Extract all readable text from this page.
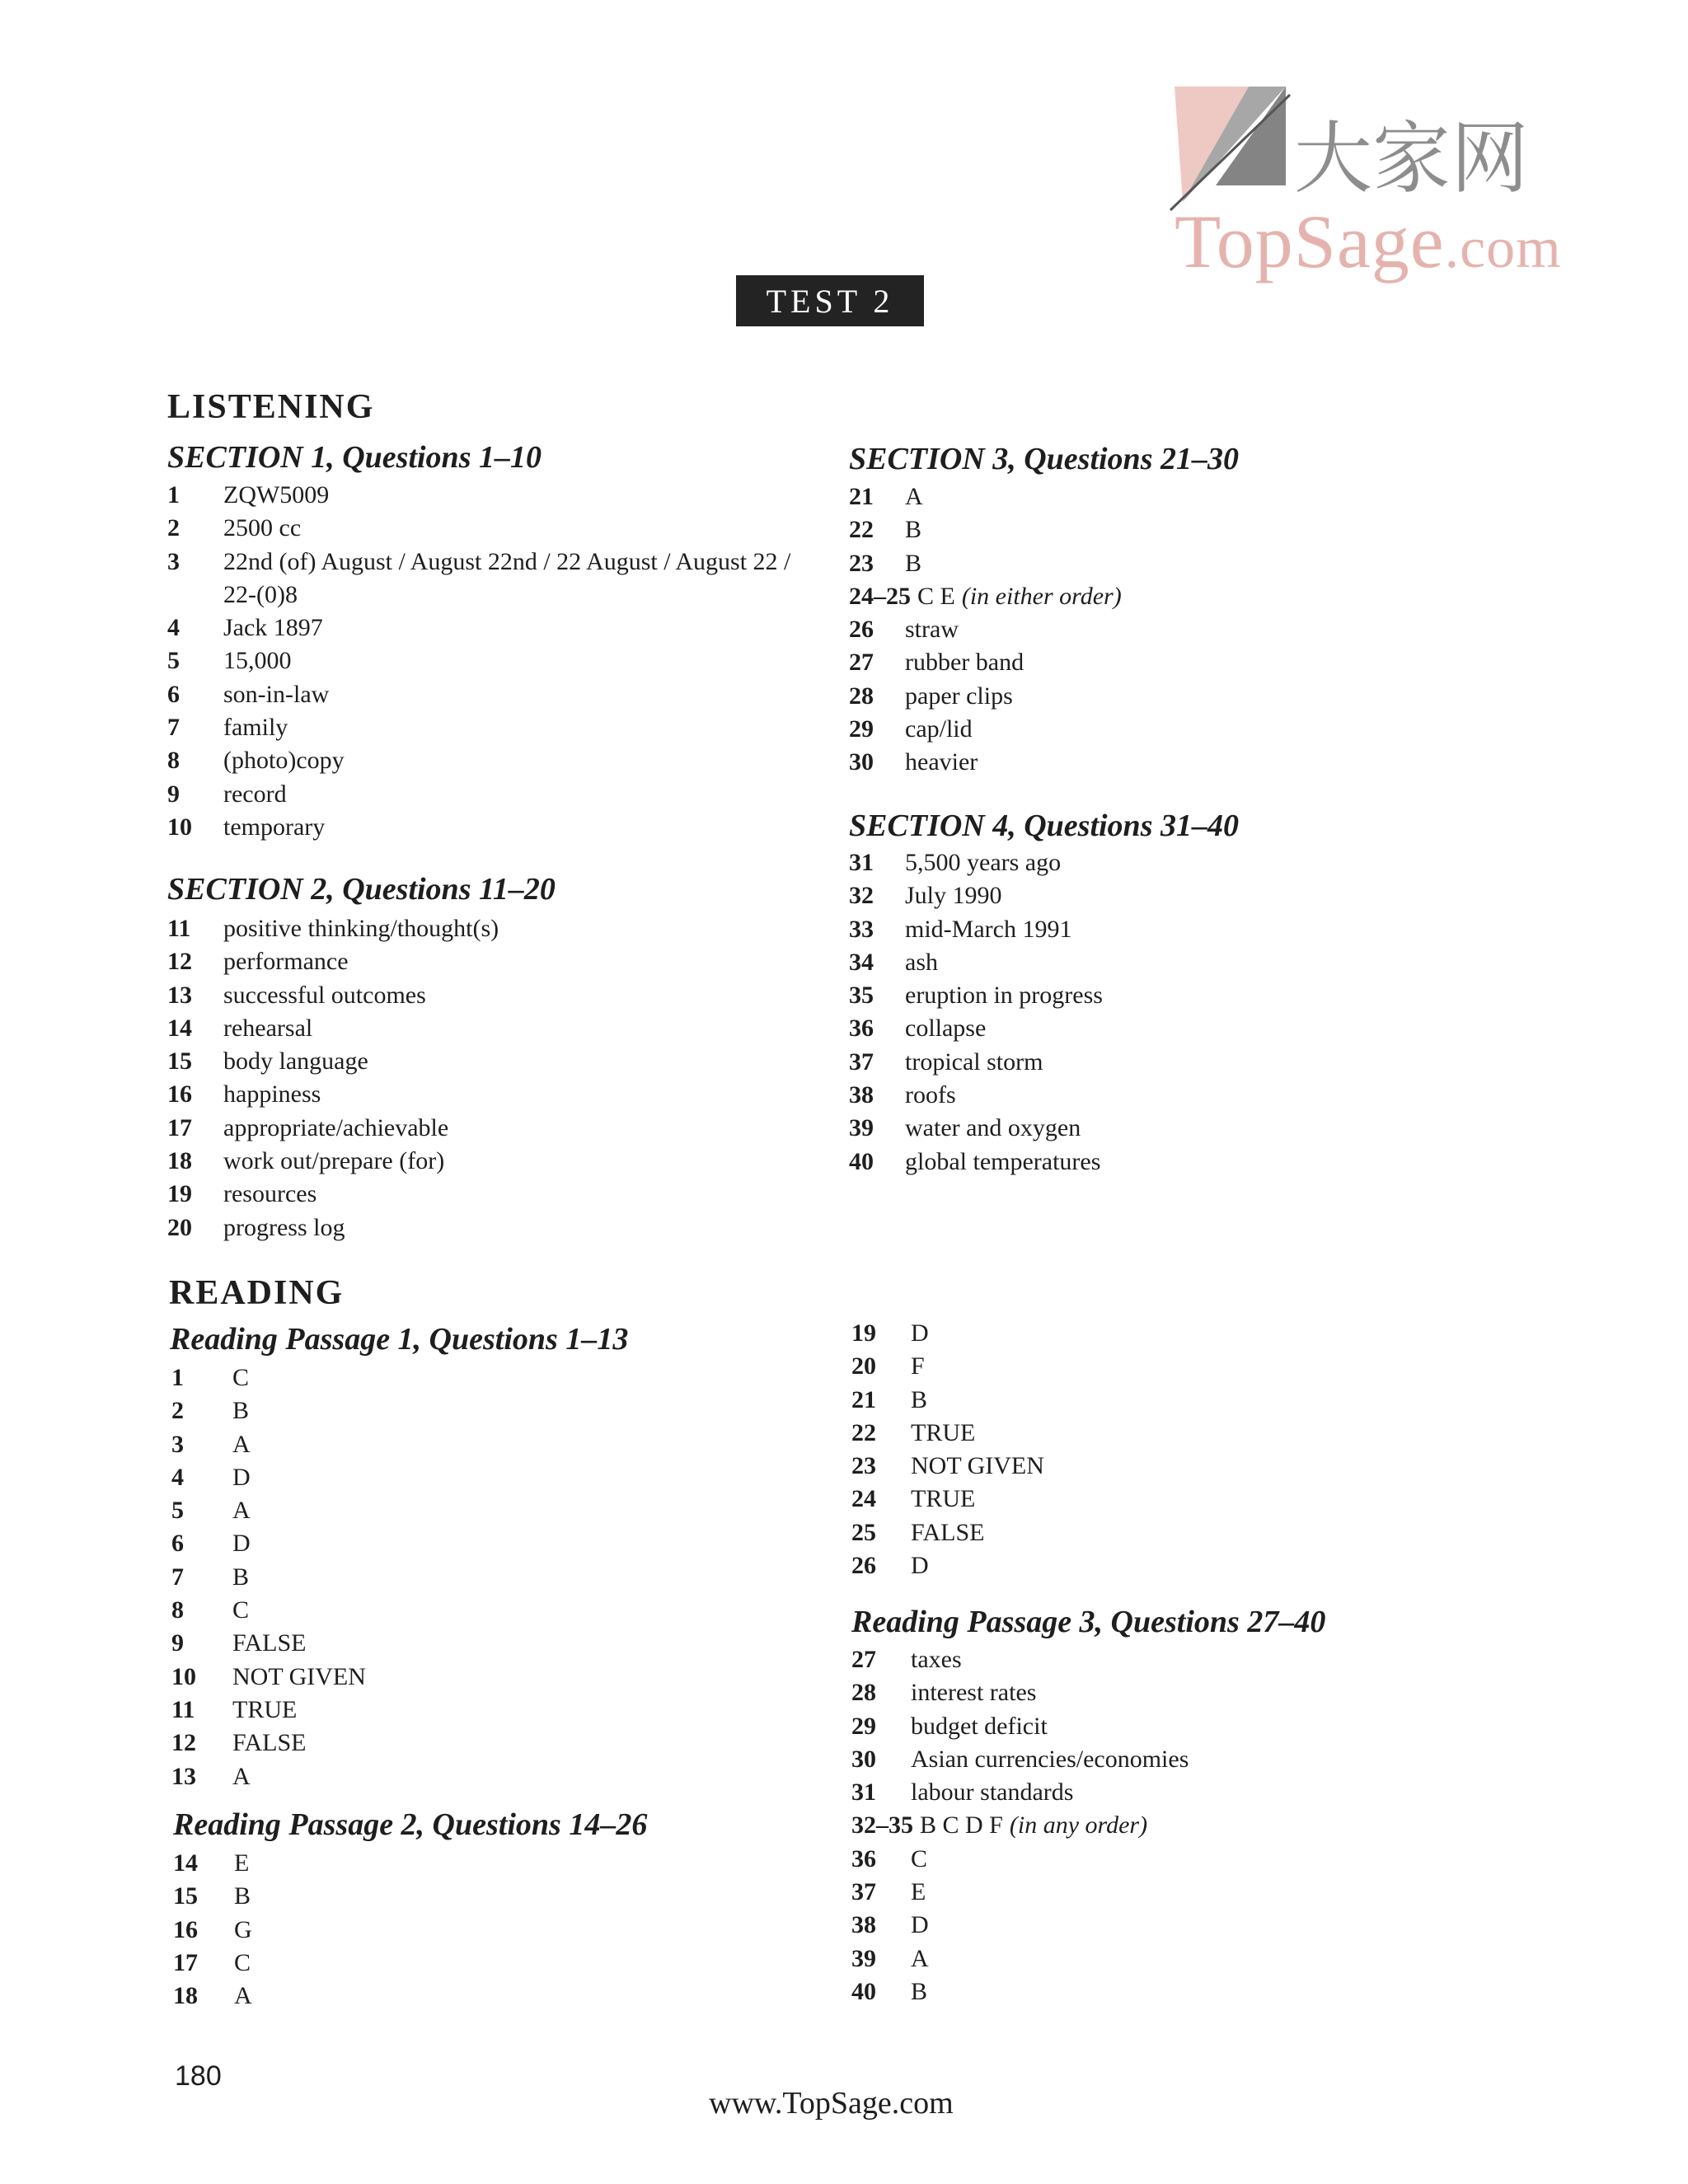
大家网
TopSage.com
TEST 2
LISTENING
SECTION 1, Questions 1–10
1	ZQW5009
2	2500 cc
3	22nd (of) August / August 22nd / 22 August / August 22 /
22-(0)8
4	Jack 1897
5	15,000
6	son-in-law
7	family
8	(photo)copy
9	record
10	temporary
SECTION 2, Questions 11–20
11	positive thinking/thought(s)
12	performance
13	successful outcomes
14	rehearsal
15	body language
16	happiness
17	appropriate/achievable
18	work out/prepare (for)
19	resources
20	progress log
SECTION 3, Questions 21–30
21	A
22	B
23	B
24–25 C E (in either order)
26	straw
27	rubber band
28	paper clips
29	cap/lid
30	heavier
SECTION 4, Questions 31–40
31	5,500 years ago
32	July 1990
33	mid-March 1991
34	ash
35	eruption in progress
36	collapse
37	tropical storm
38	roofs
39	water and oxygen
40	global temperatures
READING
Reading Passage 1, Questions 1–13
1	C
2	B
3	A
4	D
5	A
6	D
7	B
8	C
9	FALSE
10	NOT GIVEN
11	TRUE
12	FALSE
13	A
Reading Passage 2, Questions 14–26
14	E
15	B
16	G
17	C
18	A
19	D
20	F
21	B
22	TRUE
23	NOT GIVEN
24	TRUE
25	FALSE
26	D
Reading Passage 3, Questions 27–40
27	taxes
28	interest rates
29	budget deficit
30	Asian currencies/economies
31	labour standards
32–35 B C D F (in any order)
36	C
37	E
38	D
39	A
40	B
180
www.TopSage.com
